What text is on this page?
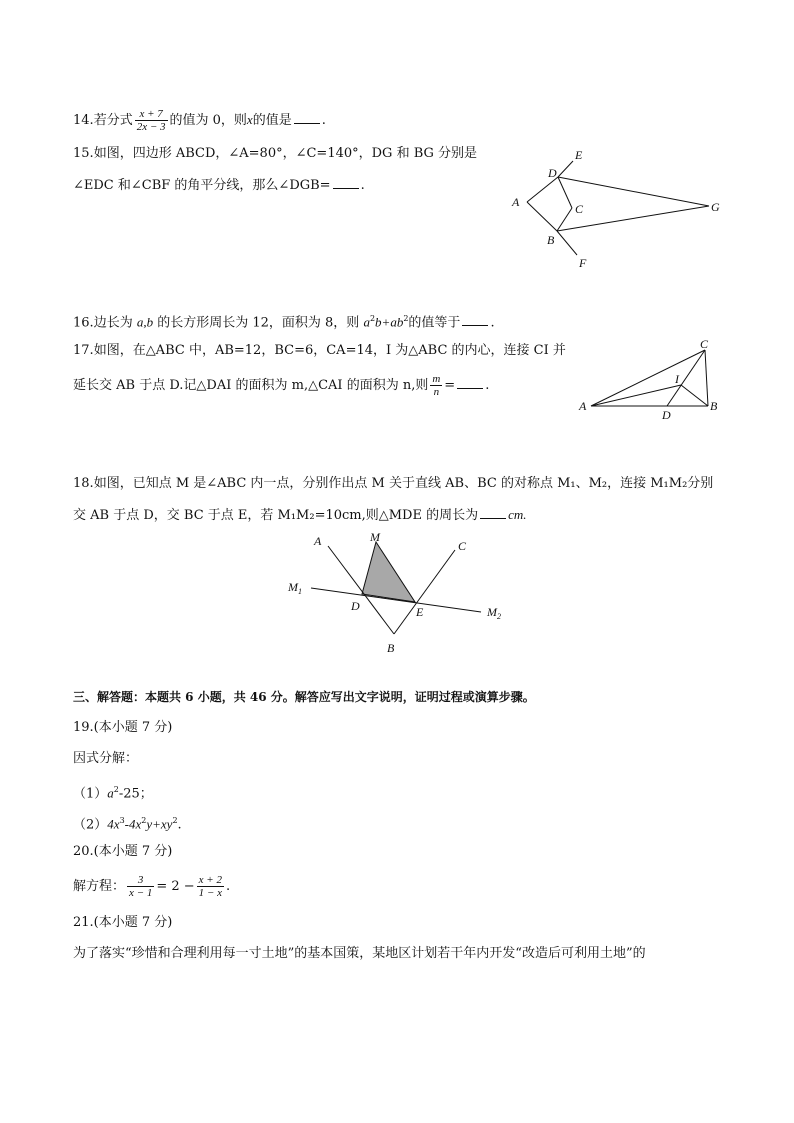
14.若分式 $\frac{x + 7}{2x - 3}$ 的值为 0，则x的值是 .
15.如图，四边形 ABCD，∠A=80°，∠C=140°，DG 和 BG 分别是
∠EDC 和∠CBF 的角平分线，那么∠DGB= .
A
B
C
D
E
F
G
16.边长为 a,b 的长方形周长为 12，面积为 8，则 $a^2b+ab^2$的值等于 .
17.如图，在△ABC 中，AB=12，BC=6，CA=14，I 为△ABC 的内心，连接 CI 并
延长交 AB 于点 D.记△DAI 的面积为 m,△CAI 的面积为 n,则 $\frac{m}{n}$ = .
A	B
C
D
I
18.如图，已知点 M 是∠ABC 内一点，分别作出点 M 关于直线 AB、BC 的对称点 M₁、M₂，连接 M₁M₂分别
交 AB 于点 D，交 BC 于点 E，若 M₁M₂=10cm,则△MDE 的周长为 cm.
A
B
C
D	E
M
$M_1$
$M_2$
三、解答题：本题共 6 小题，共 46 分。解答应写出文字说明，证明过程或演算步骤。
19.(本小题 7 分)
因式分解：
$(1)a^2-25$；
$(2)4x^3-4x^2y+xy^2$.
20.(本小题 7 分)
解方程： $\frac{3}{x - 1} = 2 - \frac{x + 2}{1 - x}$ .
21.(本小题 7 分)
为了落实“珍惜和合理利用每一寸土地”的基本国策，某地区计划若干年内开发“改造后可利用土地”的
